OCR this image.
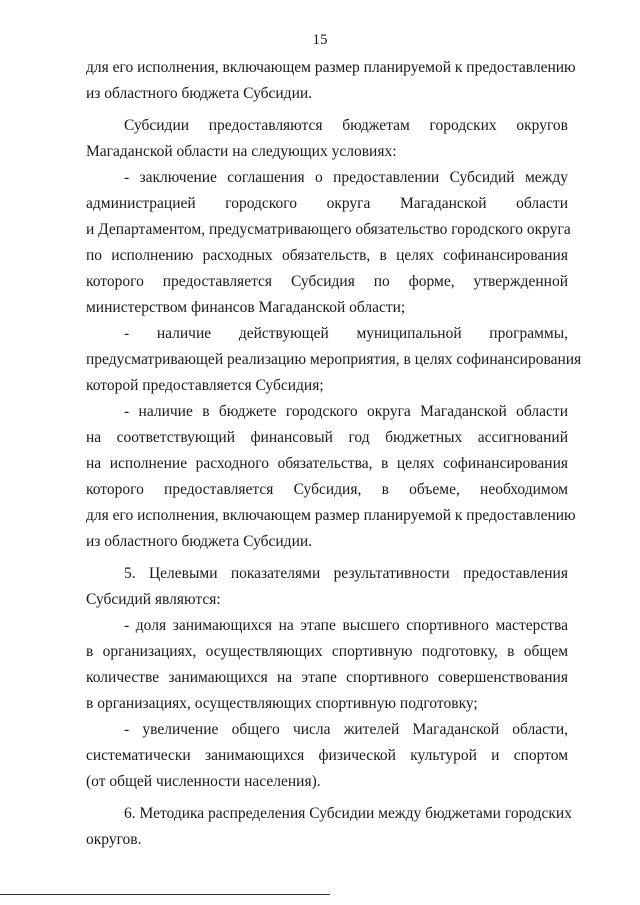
15
для его исполнения, включающем размер планируемой к предоставлению
из областного бюджета Субсидии.
Субсидии предоставляются бюджетам городских округов
Магаданской области на следующих условиях:
- заключение соглашения о предоставлении Субсидий между
администрацией городского округа Магаданской области
и Департаментом, предусматривающего обязательство городского округа
по исполнению расходных обязательств, в целях софинансирования
которого предоставляется Субсидия по форме, утвержденной
министерством финансов Магаданской области;
- наличие действующей муниципальной программы,
предусматривающей реализацию мероприятия, в целях софинансирования
которой предоставляется Субсидия;
- наличие в бюджете городского округа Магаданской области
на соответствующий финансовый год бюджетных ассигнований
на исполнение расходного обязательства, в целях софинансирования
которого предоставляется Субсидия, в объеме, необходимом
для его исполнения, включающем размер планируемой к предоставлению
из областного бюджета Субсидии.
5. Целевыми показателями результативности предоставления
Субсидий являются:
- доля занимающихся на этапе высшего спортивного мастерства
в организациях, осуществляющих спортивную подготовку, в общем
количестве занимающихся на этапе спортивного совершенствования
в организациях, осуществляющих спортивную подготовку;
- увеличение общего числа жителей Магаданской области,
систематически занимающихся физической культурой и спортом
(от общей численности населения).
6. Методика распределения Субсидии между бюджетами городских
округов.
